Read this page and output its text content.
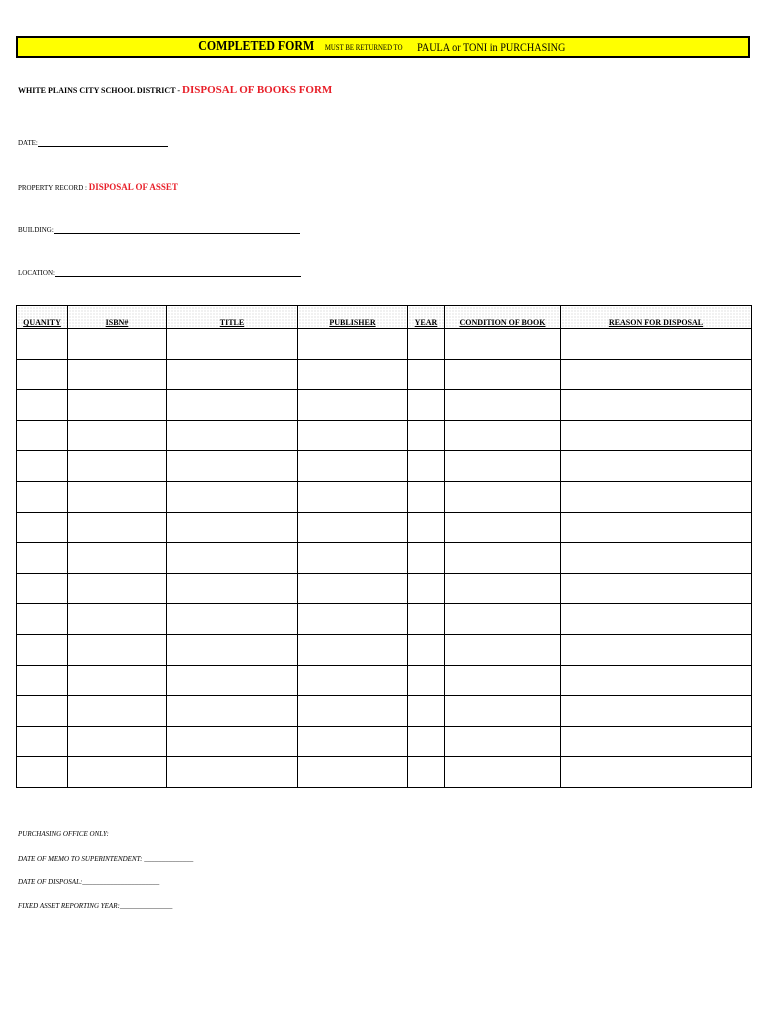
COMPLETED FORM MUST BE RETURNED TO PAULA or TONI in PURCHASING
WHITE PLAINS CITY SCHOOL DISTRICT - DISPOSAL OF BOOKS FORM
DATE:
PROPERTY RECORD : DISPOSAL OF ASSET
BUILDING:
LOCATION:
QUANITY	ISBN#	TITLE	PUBLISHER	YEAR	CONDITION OF BOOK	REASON FOR DISPOSAL

PURCHASING OFFICE ONLY:
DATE OF MEMO TO SUPERINTENDENT: ______________
DATE OF DISPOSAL:______________________
FIXED ASSET REPORTING YEAR:_______________
